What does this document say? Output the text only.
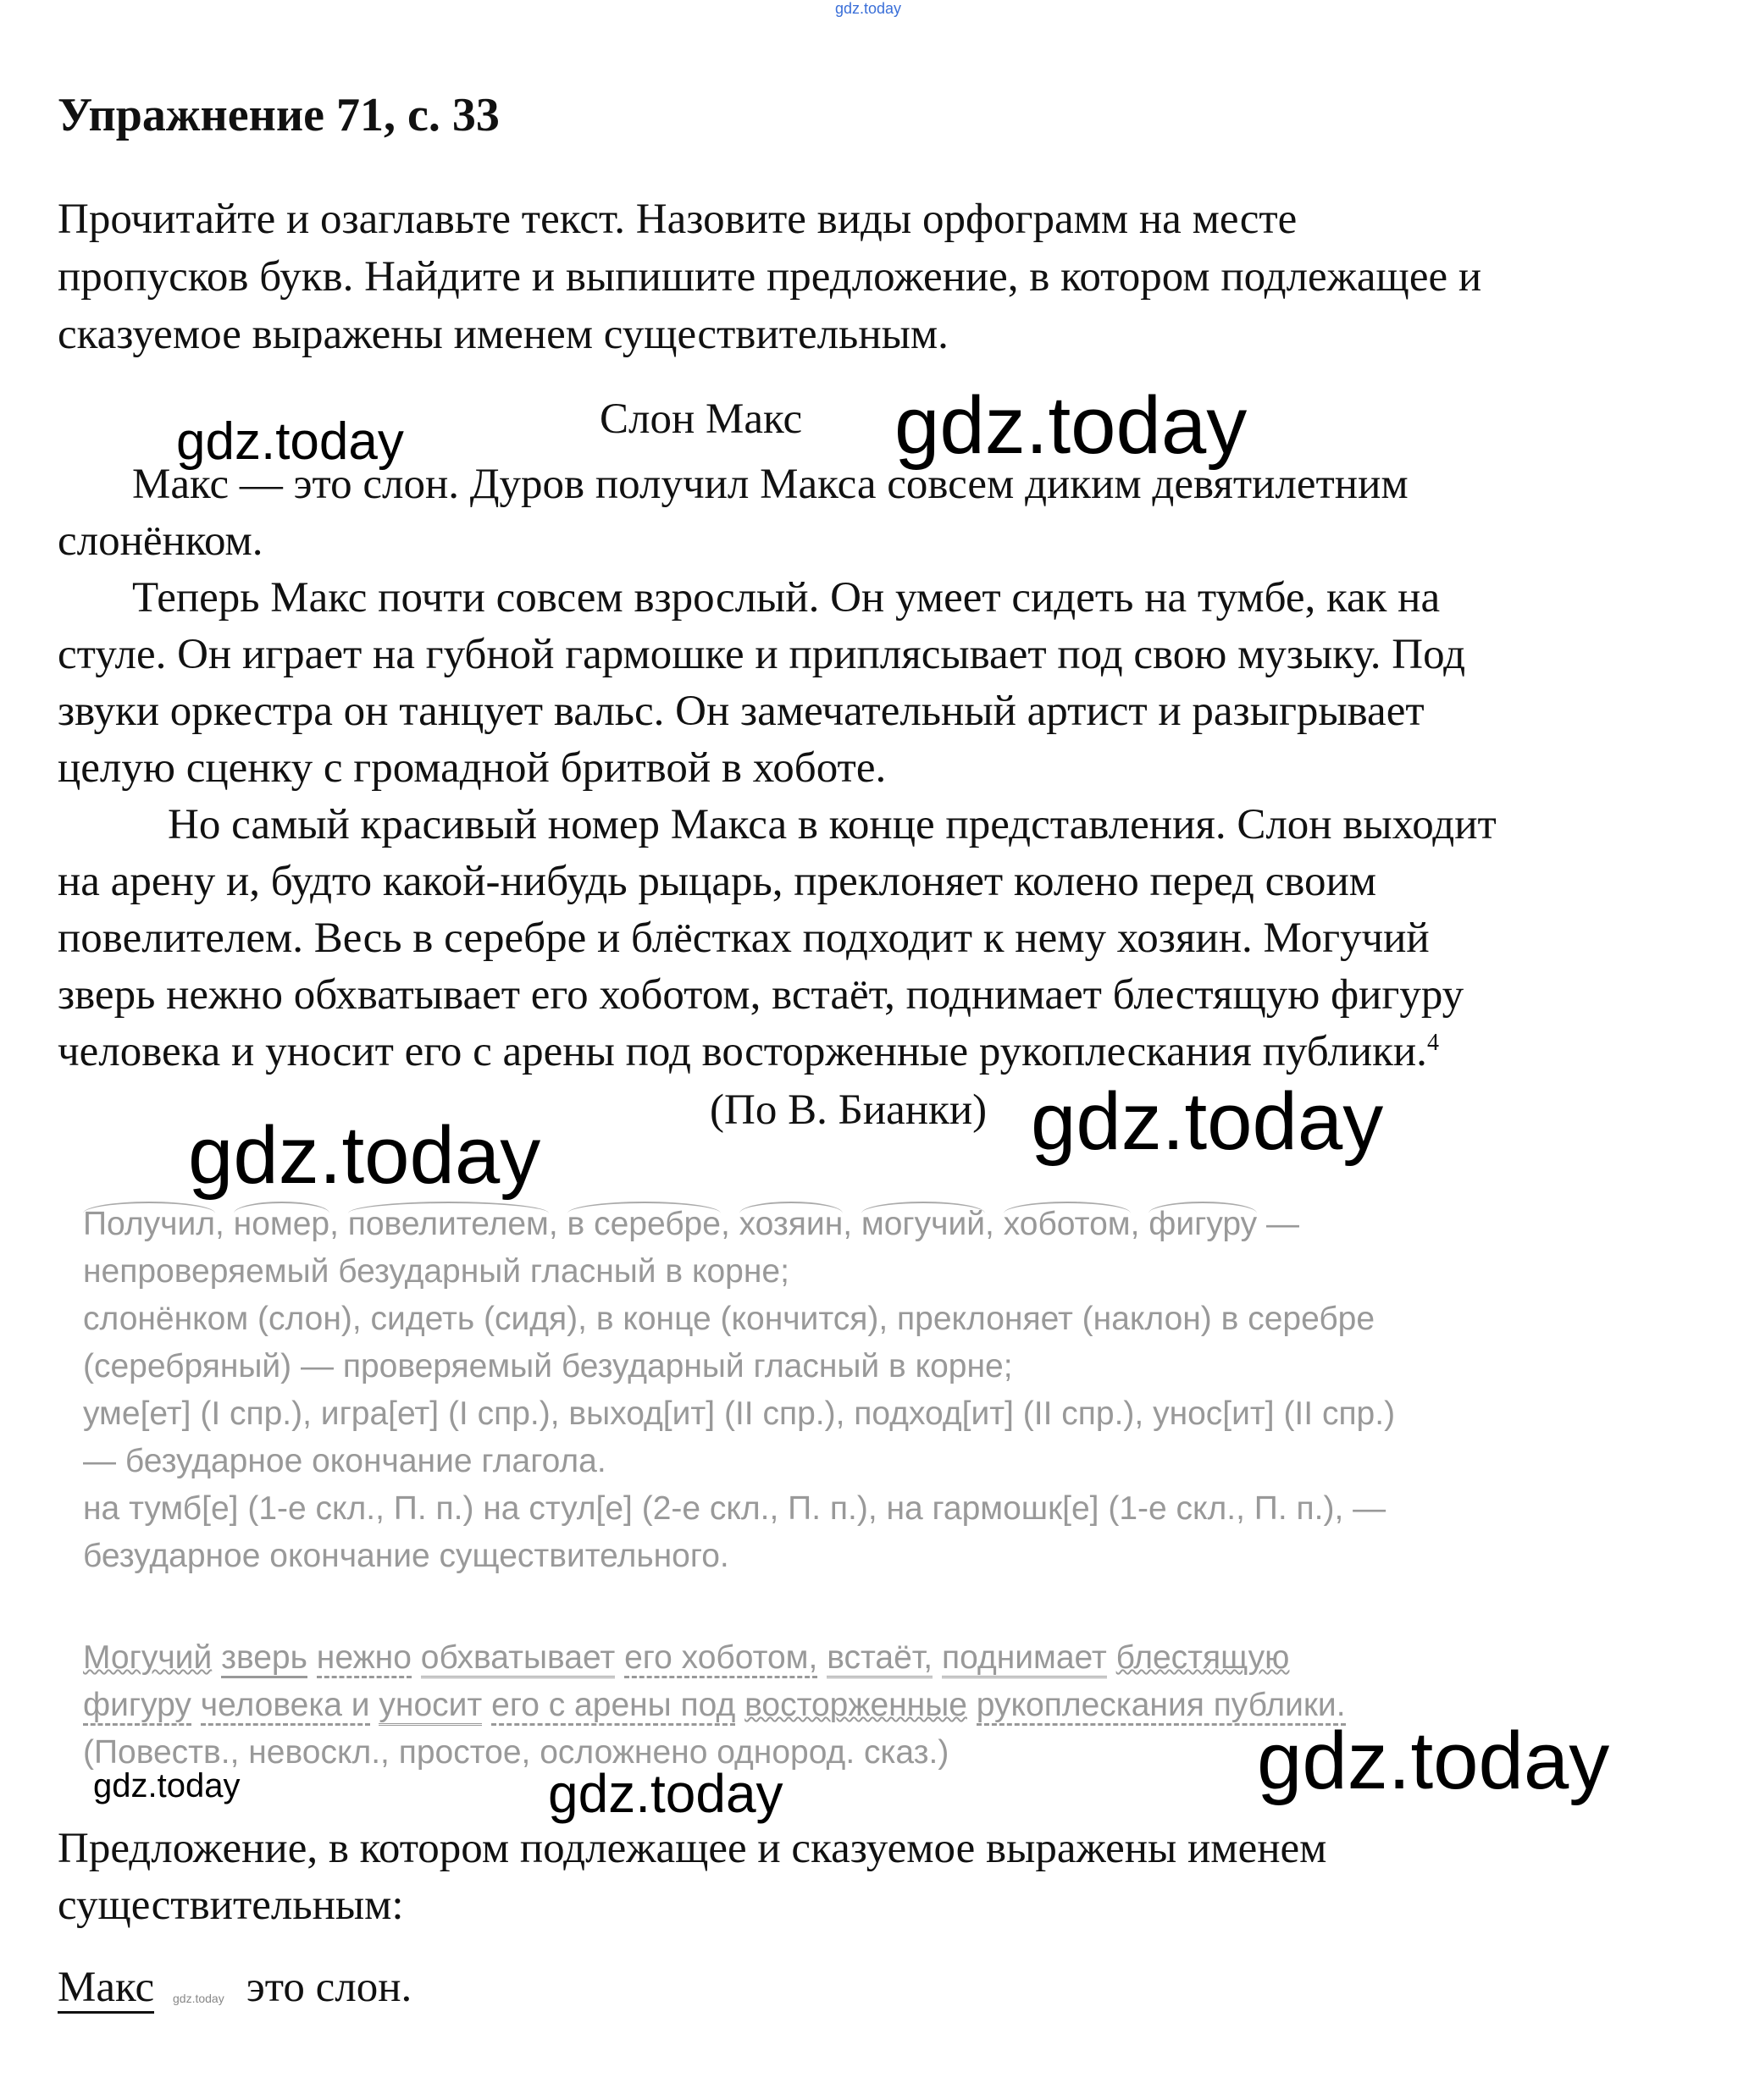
gdz.today
Упражнение 71, с. 33
Прочитайте и озаглавьте текст. Назовите виды орфограмм на месте
пропусков букв. Найдите и выпишите предложение, в котором подлежащее и
сказуемое выражены именем существительным.
Слон Макс
Макс — это слон. Дуров получил Макса совсем диким девятилетним
слонёнком.
Теперь Макс почти совсем взрослый. Он умеет сидеть на тумбе, как на
стуле. Он играет на губной гармошке и приплясывает под свою музыку. Под
звуки оркестра он танцует вальс. Он замечательный артист и разыгрывает
целую сценку с громадной бритвой в хоботе.
Но самый красивый номер Макса в конце представления. Слон выходит
на арену и, будто какой-нибудь рыцарь, преклоняет колено перед своим
повелителем. Весь в серебре и блёстках подходит к нему хозяин. Могучий
зверь нежно обхватывает его хоботом, встаёт, поднимает блестящую фигуру
человека и уносит его с арены под восторженные рукоплескания публики.$^4$
(По В. Бианки)
Получил, номер, повелителем, в серебре, хозяин, могучий, хоботом, фигуру —
непроверяемый безударный гласный в корне;
слонёнком (слон), сидеть (сидя), в конце (кончится), преклоняет (наклон) в серебре
(серебряный) — проверяемый безударный гласный в корне;
уме[ет] (I спр.), игра[ет] (I спр.), выход[ит] (II спр.), подход[ит] (II спр.), унос[ит] (II спр.)
— безударное окончание глагола.
на тумб[е] (1-е скл., П. п.) на стул[е] (2-е скл., П. п.), на гармошк[е] (1-е скл., П. п.), —
безударное окончание существительного.
Могучий зверь нежно обхватывает его хоботом, встаёт, поднимает блестящую
фигуру человека и уносит его с арены под восторженные рукоплескания публики.
(Повеств., невоскл., простое, осложнено однород. сказ.)
gdz.today	gdz.today
gdz.today
gdz.today
gdz.today
gdz.today
gdz.today
gdz.today
Предложение, в котором подлежащее и сказуемое выражены именем
существительным:
Макс это слон.
